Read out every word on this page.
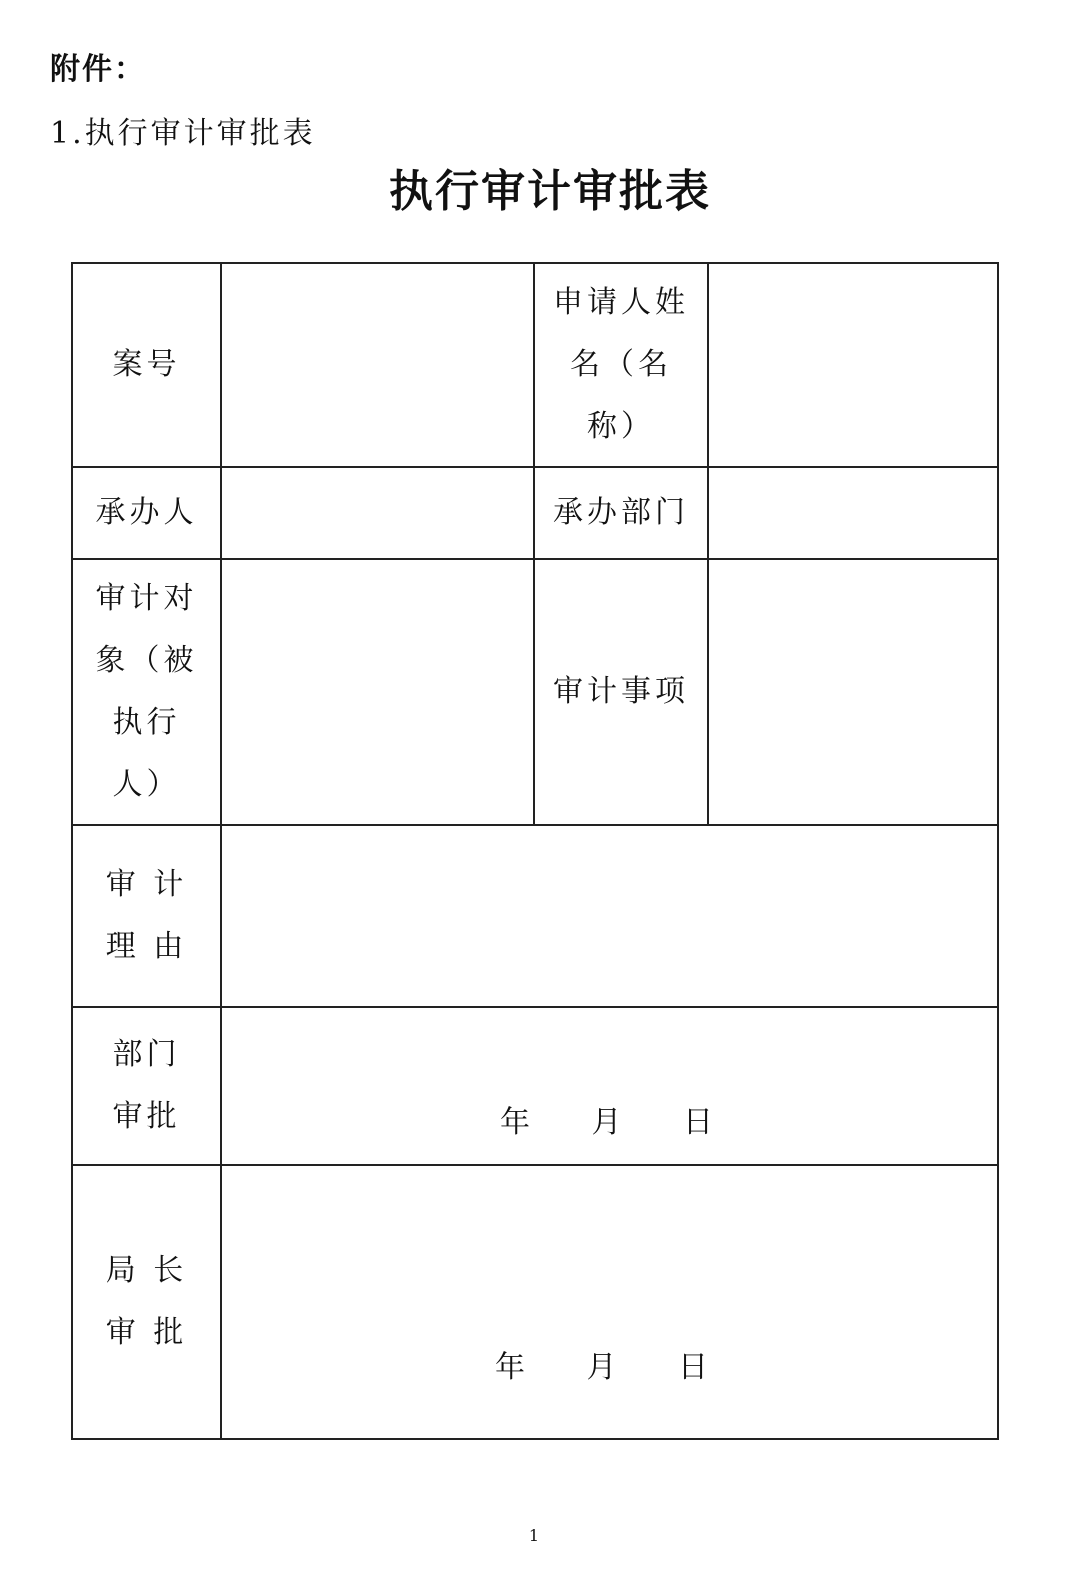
附件：
1.执行审计审批表
执行审计审批表
案号		申请人姓名（名称）	
承办人		承办部门	
审计对象（被执行人）		审计事项	

审 计
理 由			

部门
审批	年 月 日		

局 长
审 批	年 月 日		
1
